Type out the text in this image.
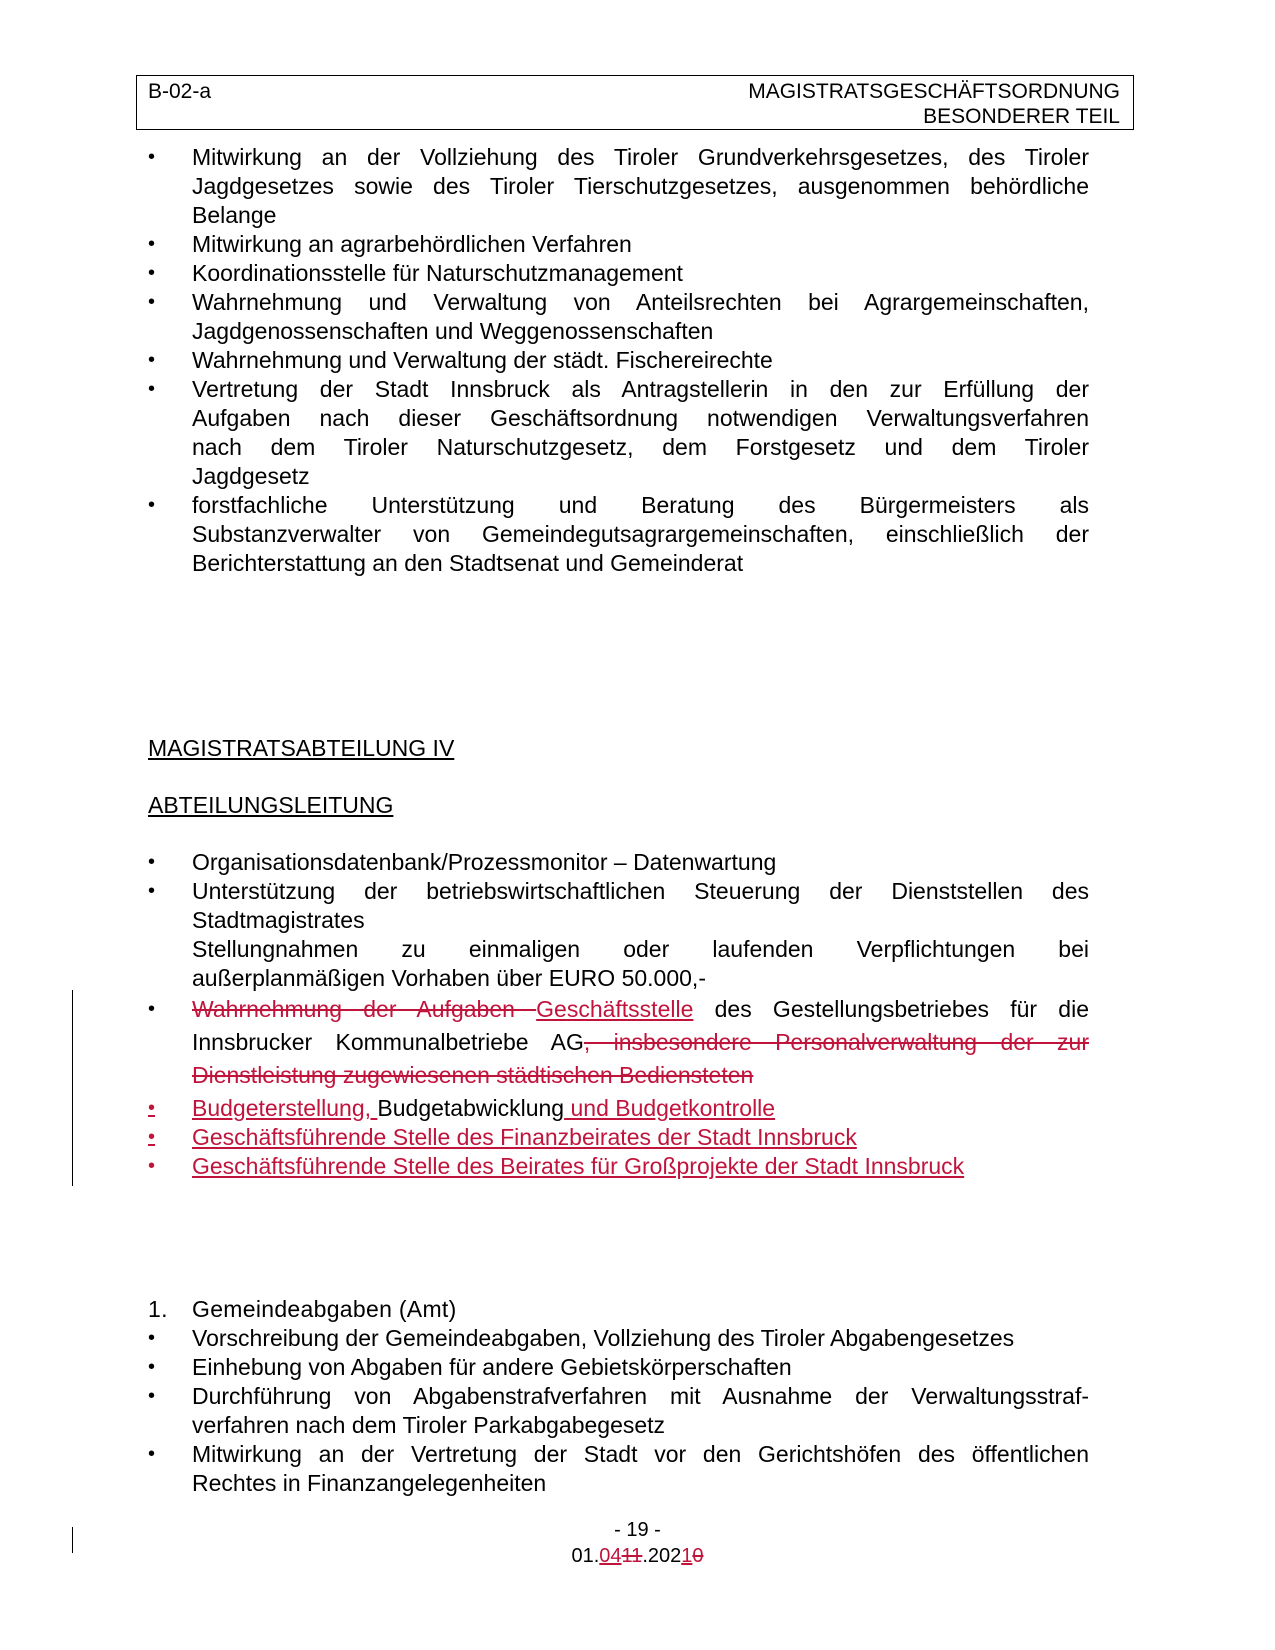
B-02-a	MAGISTRATSGESCHÄFTSORDNUNG
BESONDERER TEIL
• Mitwirkung an der Vollziehung des Tiroler Grundverkehrsgesetzes, des Tiroler
Jagdgesetzes sowie des Tiroler Tierschutzgesetzes, ausgenommen behördliche
Belange
• Mitwirkung an agrarbehördlichen Verfahren
• Koordinationsstelle für Naturschutzmanagement
• Wahrnehmung und Verwaltung von Anteilsrechten bei Agrargemeinschaften,
Jagdgenossenschaften und Weggenossenschaften
• Wahrnehmung und Verwaltung der städt. Fischereirechte
• Vertretung der Stadt Innsbruck als Antragstellerin in den zur Erfüllung der
Aufgaben nach dieser Geschäftsordnung notwendigen Verwaltungsverfahren
nach dem Tiroler Naturschutzgesetz, dem Forstgesetz und dem Tiroler
Jagdgesetz
• forstfachliche Unterstützung und Beratung des Bürgermeisters als
Substanzverwalter von Gemeindegutsagrargemeinschaften, einschließlich der
Berichterstattung an den Stadtsenat und Gemeinderat
MAGISTRATSABTEILUNG IV
ABTEILUNGSLEITUNG
• Organisationsdatenbank/Prozessmonitor – Datenwartung
• Unterstützung der betriebswirtschaftlichen Steuerung der Dienststellen des
Stadtmagistrates
Stellungnahmen zu einmaligen oder laufenden Verpflichtungen bei
außerplanmäßigen Vorhaben über EURO 50.000,-
• Wahrnehmung der Aufgaben Geschäftsstelle des Gestellungsbetriebes für die
Innsbrucker Kommunalbetriebe AG, insbesondere Personalverwaltung der zur
Dienstleistung zugewiesenen städtischen Bediensteten
• Budgeterstellung, Budgetabwicklung und Budgetkontrolle
• Geschäftsführende Stelle des Finanzbeirates der Stadt Innsbruck
• Geschäftsführende Stelle des Beirates für Großprojekte der Stadt Innsbruck
1. Gemeindeabgaben (Amt)
• Vorschreibung der Gemeindeabgaben, Vollziehung des Tiroler Abgabengesetzes
• Einhebung von Abgaben für andere Gebietskörperschaften
• Durchführung von Abgabenstrafverfahren mit Ausnahme der Verwaltungsstraf-
verfahren nach dem Tiroler Parkabgabegesetz
• Mitwirkung an der Vertretung der Stadt vor den Gerichtshöfen des öffentlichen
Rechtes in Finanzangelegenheiten
- 19 -
01.0411.20210
